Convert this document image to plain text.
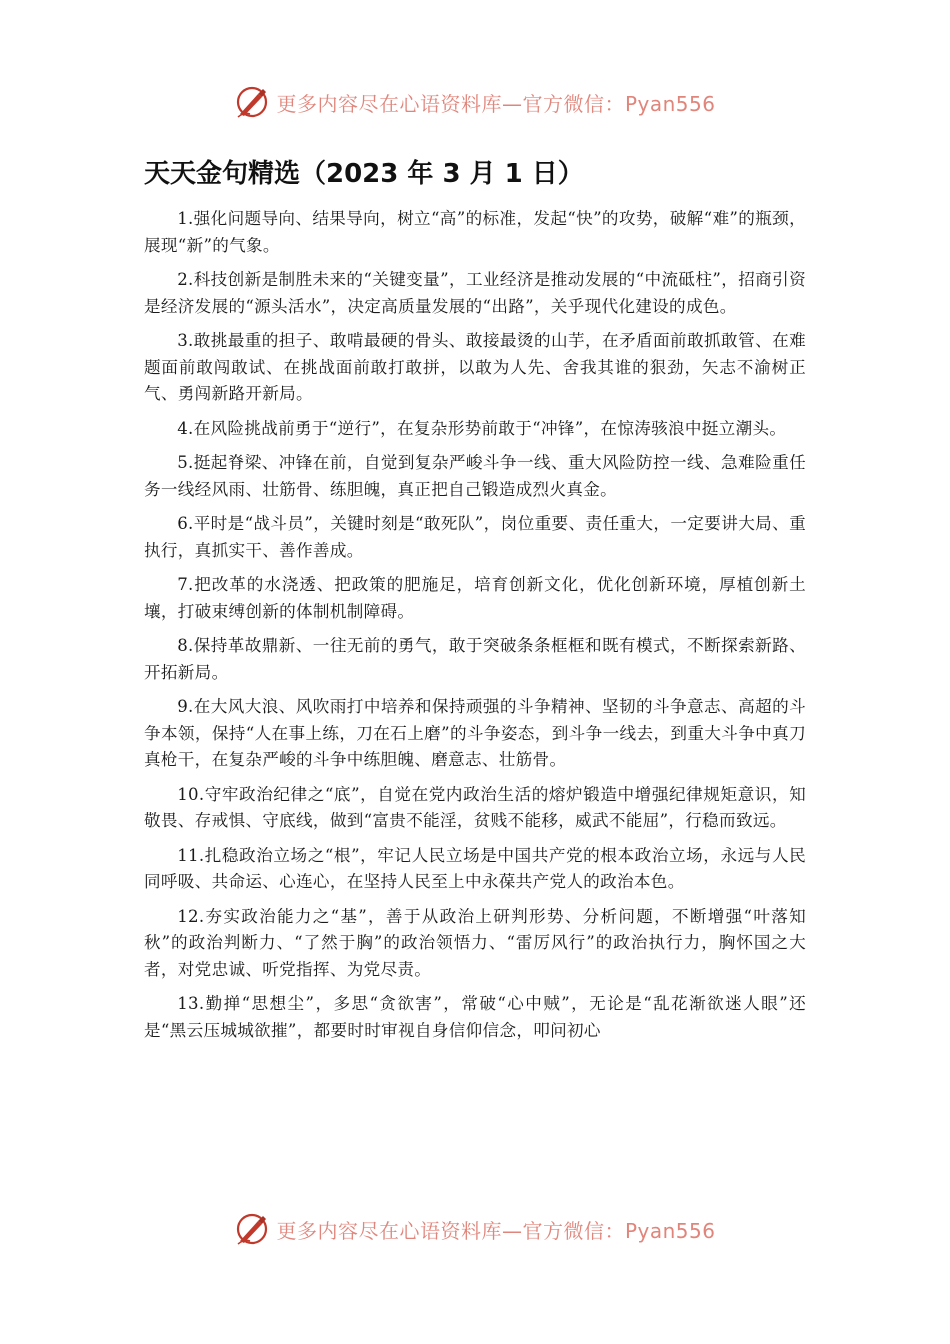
更多内容尽在心语资料库—官方微信：Pyan556
天天金句精选（2023 年 3 月 1 日）

1.强化问题导向、结果导向，树立“高”的标准，发起“快”的攻势，破解“难”的瓶颈，展现“新”的气象。

2.科技创新是制胜未来的“关键变量”，工业经济是推动发展的“中流砥柱”，招商引资是经济发展的“源头活水”，决定高质量发展的“出路”，关乎现代化建设的成色。

3.敢挑最重的担子、敢啃最硬的骨头、敢接最烫的山芋，在矛盾面前敢抓敢管、在难题面前敢闯敢试、在挑战面前敢打敢拼，以敢为人先、舍我其谁的狠劲，矢志不渝树正气、勇闯新路开新局。

4.在风险挑战前勇于“逆行”，在复杂形势前敢于“冲锋”，在惊涛骇浪中挺立潮头。

5.挺起脊梁、冲锋在前，自觉到复杂严峻斗争一线、重大风险防控一线、急难险重任务一线经风雨、壮筋骨、练胆魄，真正把自己锻造成烈火真金。

6.平时是“战斗员”，关键时刻是“敢死队”，岗位重要、责任重大，一定要讲大局、重执行，真抓实干、善作善成。

7.把改革的水浇透、把政策的肥施足，培育创新文化，优化创新环境，厚植创新土壤，打破束缚创新的体制机制障碍。

8.保持革故鼎新、一往无前的勇气，敢于突破条条框框和既有模式，不断探索新路、开拓新局。

9.在大风大浪、风吹雨打中培养和保持顽强的斗争精神、坚韧的斗争意志、高超的斗争本领，保持“人在事上练，刀在石上磨”的斗争姿态，到斗争一线去，到重大斗争中真刀真枪干，在复杂严峻的斗争中练胆魄、磨意志、壮筋骨。

10.守牢政治纪律之“底”，自觉在党内政治生活的熔炉锻造中增强纪律规矩意识，知敬畏、存戒惧、守底线，做到“富贵不能淫，贫贱不能移，威武不能屈”，行稳而致远。

11.扎稳政治立场之“根”，牢记人民立场是中国共产党的根本政治立场，永远与人民同呼吸、共命运、心连心，在坚持人民至上中永葆共产党人的政治本色。

12.夯实政治能力之“基”，善于从政治上研判形势、分析问题，不断增强“叶落知秋”的政治判断力、“了然于胸”的政治领悟力、“雷厉风行”的政治执行力，胸怀国之大者，对党忠诚、听党指挥、为党尽责。

13.勤掸“思想尘”，多思“贪欲害”，常破“心中贼”，无论是“乱花渐欲迷人眼”还是“黑云压城城欲摧”，都要时时审视自身信仰信念，叩问初心

更多内容尽在心语资料库—官方微信：Pyan556
